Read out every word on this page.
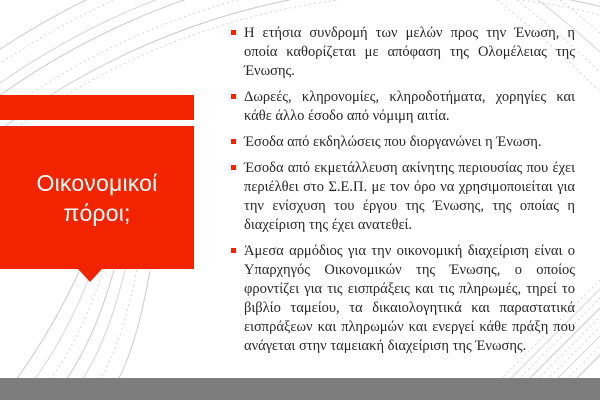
Οικονομικοί πόροι;
Η ετήσια συνδρομή των μελών προς την Ένωση, η οποία καθορίζεται με απόφαση της Ολομέλειας της Ένωσης.
Δωρεές, κληρονομίες, κληροδοτήματα, χορηγίες και κάθε άλλο έσοδο από νόμιμη αιτία.
Έσοδα από εκδηλώσεις που διοργανώνει η Ένωση.
Έσοδα από εκμετάλλευση ακίνητης περιουσίας που έχει περιέλθει στο Σ.Ε.Π. με τον όρο να χρησιμοποιείται για την ενίσχυση του έργου της Ένωσης, της οποίας η διαχείριση της έχει ανατεθεί.
Άμεσα αρμόδιος για την οικονομική διαχείριση είναι ο Υπαρχηγός Οικονομικών της Ένωσης, ο οποίος φροντίζει για τις εισπράξεις και τις πληρωμές, τηρεί το βιβλίο ταμείου, τα δικαιολογητικά και παραστατικά εισπράξεων και πληρωμών και ενεργεί κάθε πράξη που ανάγεται στην ταμειακή διαχείριση της Ένωσης.
